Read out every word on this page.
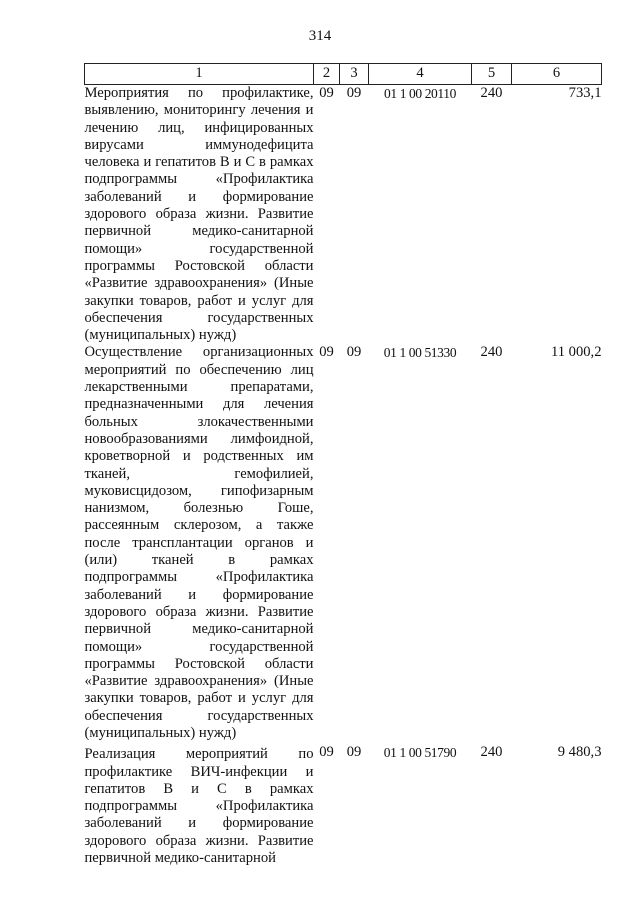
314
1	2	3	4	5	6
Мероприятия по профилактике, выявлению, мониторингу лечения и лечению лиц, инфицированных вирусами иммунодефицита человека и гепатитов В и С в рамках подпрограммы «Профилактика заболеваний и формирование здорового образа жизни. Развитие первичной медико-санитарной помощи» государственной программы Ростовской области «Развитие здравоохранения» (Иные закупки товаров, работ и услуг для обеспечения государственных (муниципальных) нужд)	09	09	01 1 00 20110	240	733,1
Осуществление организационных мероприятий по обеспечению лиц лекарственными препаратами, предназначенными для лечения больных злокачественными новообразованиями лимфоидной, кроветворной и родственных им тканей, гемофилией, муковисцидозом, гипофизарным нанизмом, болезнью Гоше, рассеянным склерозом, а также после трансплантации органов и (или) тканей в рамках подпрограммы «Профилактика заболеваний и формирование здорового образа жизни. Развитие первичной медико-санитарной помощи» государственной программы Ростовской области «Развитие здравоохранения» (Иные закупки товаров, работ и услуг для обеспечения государственных (муниципальных) нужд)	09	09	01 1 00 51330	240	11 000,2
Реализация мероприятий по профилактике ВИЧ-инфекции и гепатитов В и С в рамках подпрограммы «Профилактика заболеваний и формирование здорового образа жизни. Развитие первичной медико-санитарной	09	09	01 1 00 51790	240	9 480,3
